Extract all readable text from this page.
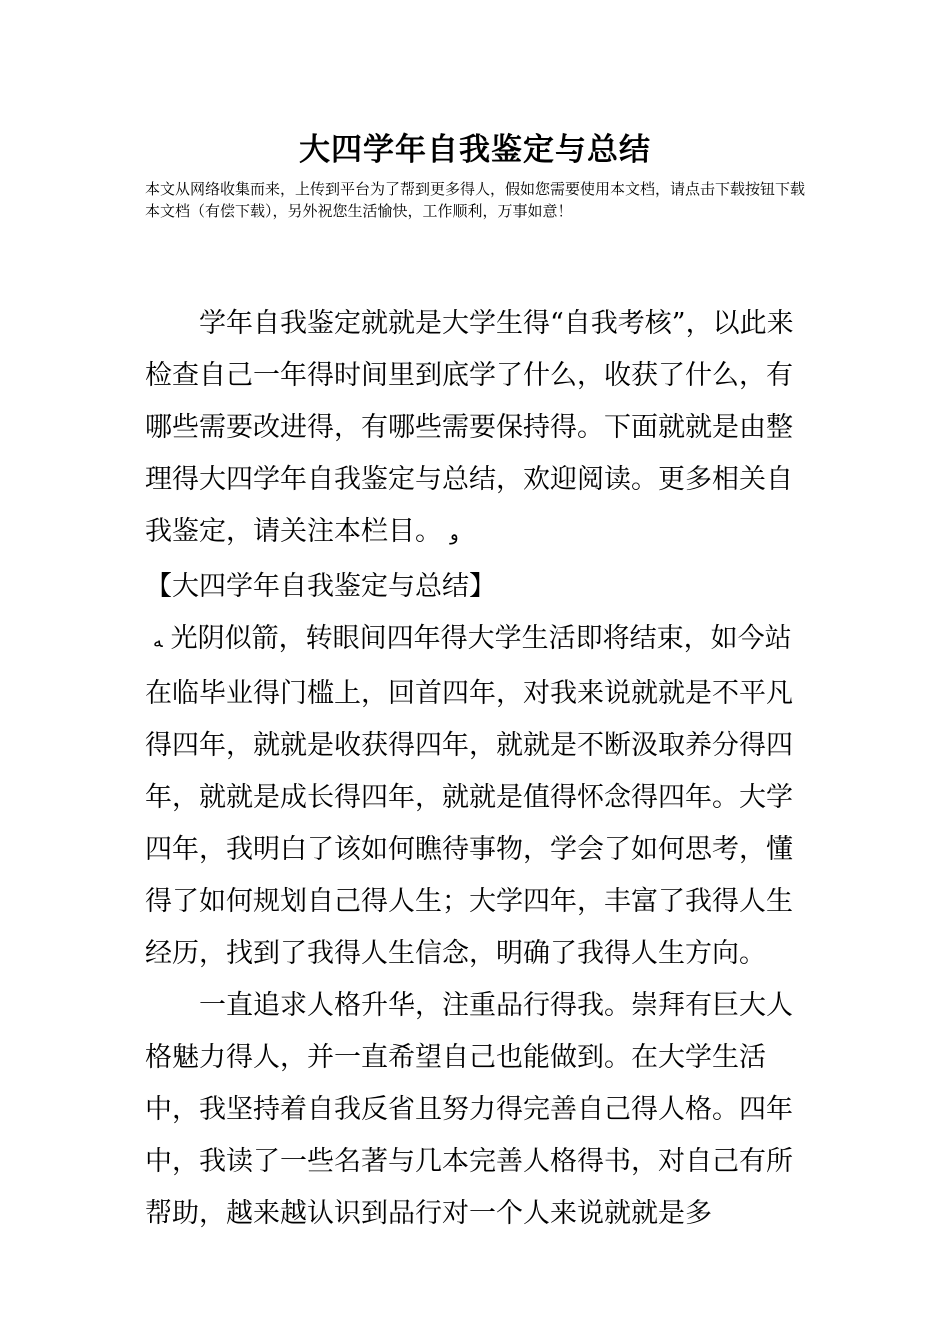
大四学年自我鉴定与总结

本文从网络收集而来，上传到平台为了帮到更多得人，假如您需要使用本文档，请点击下载按钮下载本文档（有偿下载），另外祝您生活愉快，工作顺利，万事如意！

学年自我鉴定就就是大学生得“自我考核”，以此来检查自己一年得时间里到底学了什么，收获了什么，有哪些需要改进得，有哪些需要保持得。下面就就是由整理得大四学年自我鉴定与总结，欢迎阅读。更多相关自我鉴定，请关注本栏目。 و【大四学年自我鉴定与总结】

ﻪ 光阴似箭，转眼间四年得大学生活即将结束，如今站在临毕业得门槛上，回首四年，对我来说就就是不平凡得四年，就就是收获得四年，就就是不断汲取养分得四年，就就是成长得四年，就就是值得怀念得四年。大学四年，我明白了该如何瞧待事物，学会了如何思考，懂得了如何规划自己得人生；大学四年，丰富了我得人生经历，找到了我得人生信念，明确了我得人生方向。

一直追求人格升华，注重品行得我。崇拜有巨大人格魅力得人，并一直希望自己也能做到。在大学生活中，我坚持着自我反省且努力得完善自己得人格。四年中，我读了一些名著与几本完善人格得书，对自己有所帮助，越来越认识到品行对一个人来说就就是多
